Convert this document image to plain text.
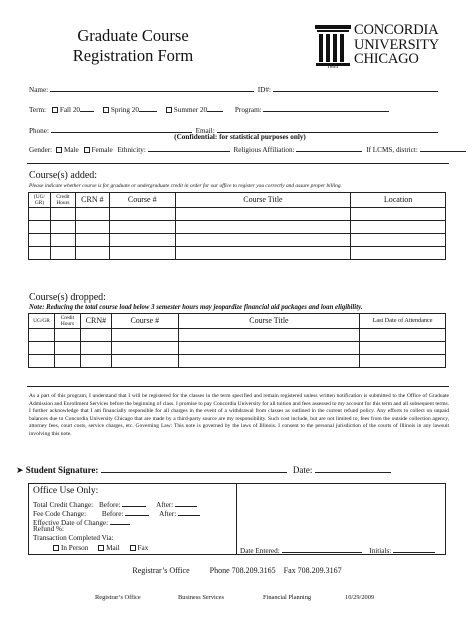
Graduate Course
Registration Form
1864
CONCORDIA
UNIVERSITY
CHICAGO
Name:	ID#:
Term: Fall 20	Spring 20	Summer 20	Program:
Phone:	Email:
(Confidential: for statistical purposes only)
Gender: Male Female Ethnicity:	Religious Affiliation:	If LCMS, district:
Course(s) added:
Please indicate whether course is for graduate or undergraduate credit in order for our office to register you correctly and assure proper billing.
(UG/ GR)	Credit Hours	CRN #	Course #	Course Title	Location

Course(s) dropped:
Note: Reducing the total course load below 3 semester hours may jeopardize financial aid packages and loan eligibility.
UG/GR	Credit Hours	CRN#	Course #	Course Title	Last Date of Attendance

As a part of this program, I understand that I will be registered for the classes in the term specified and remain registered unless written notification is submitted to the Office of Graduate Admission and Enrollment Services before the beginning of class. I promise to pay Concordia University for all tuition and fees assessed to my account for this term and all subsequent terms. I further acknowledge that I am financially responsible for all charges in the event of a withdrawal from classes as outlined in the current refund policy. Any efforts to collect on unpaid balances due to Concordia University Chicago that are made by a third-party source are my responsibility. Such cost include, but are not limited to, fees from the outside collection agency, attorney fees, court costs, service charges, etc. Governing Law: This note is governed by the laws of Illinois. I consent to the personal jurisdiction of the courts of Illinois in any lawsuit involving this note.
➤ Student Signature:	Date:
Office Use Only:
Total Credit Change: Before:	After:
Fee Code Change: Before:	After:
Effective Date of Change:
Refund %:
Transaction Completed Via:
In Person Mail Fax	Date Entered:	Initials:
Registrar’s Office	Phone 708.209.3165 Fax 708.209.3167
Registrar’s Office	Business Services	Financial Planning	10/29/2009
